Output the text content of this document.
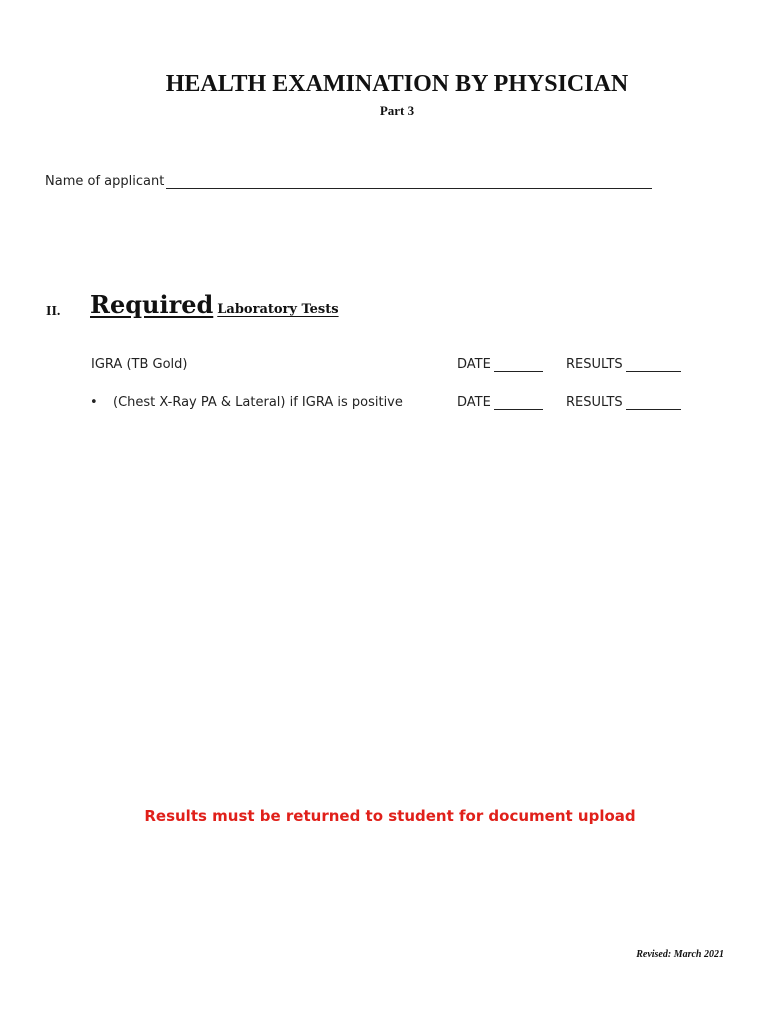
HEALTH EXAMINATION BY PHYSICIAN
Part 3
Name of applicant
II. Required Laboratory Tests
IGRA (TB Gold)	DATE	RESULTS
• (Chest X-Ray PA & Lateral) if IGRA is positive	DATE	RESULTS
Results must be returned to student for document upload
Revised: March 2021
